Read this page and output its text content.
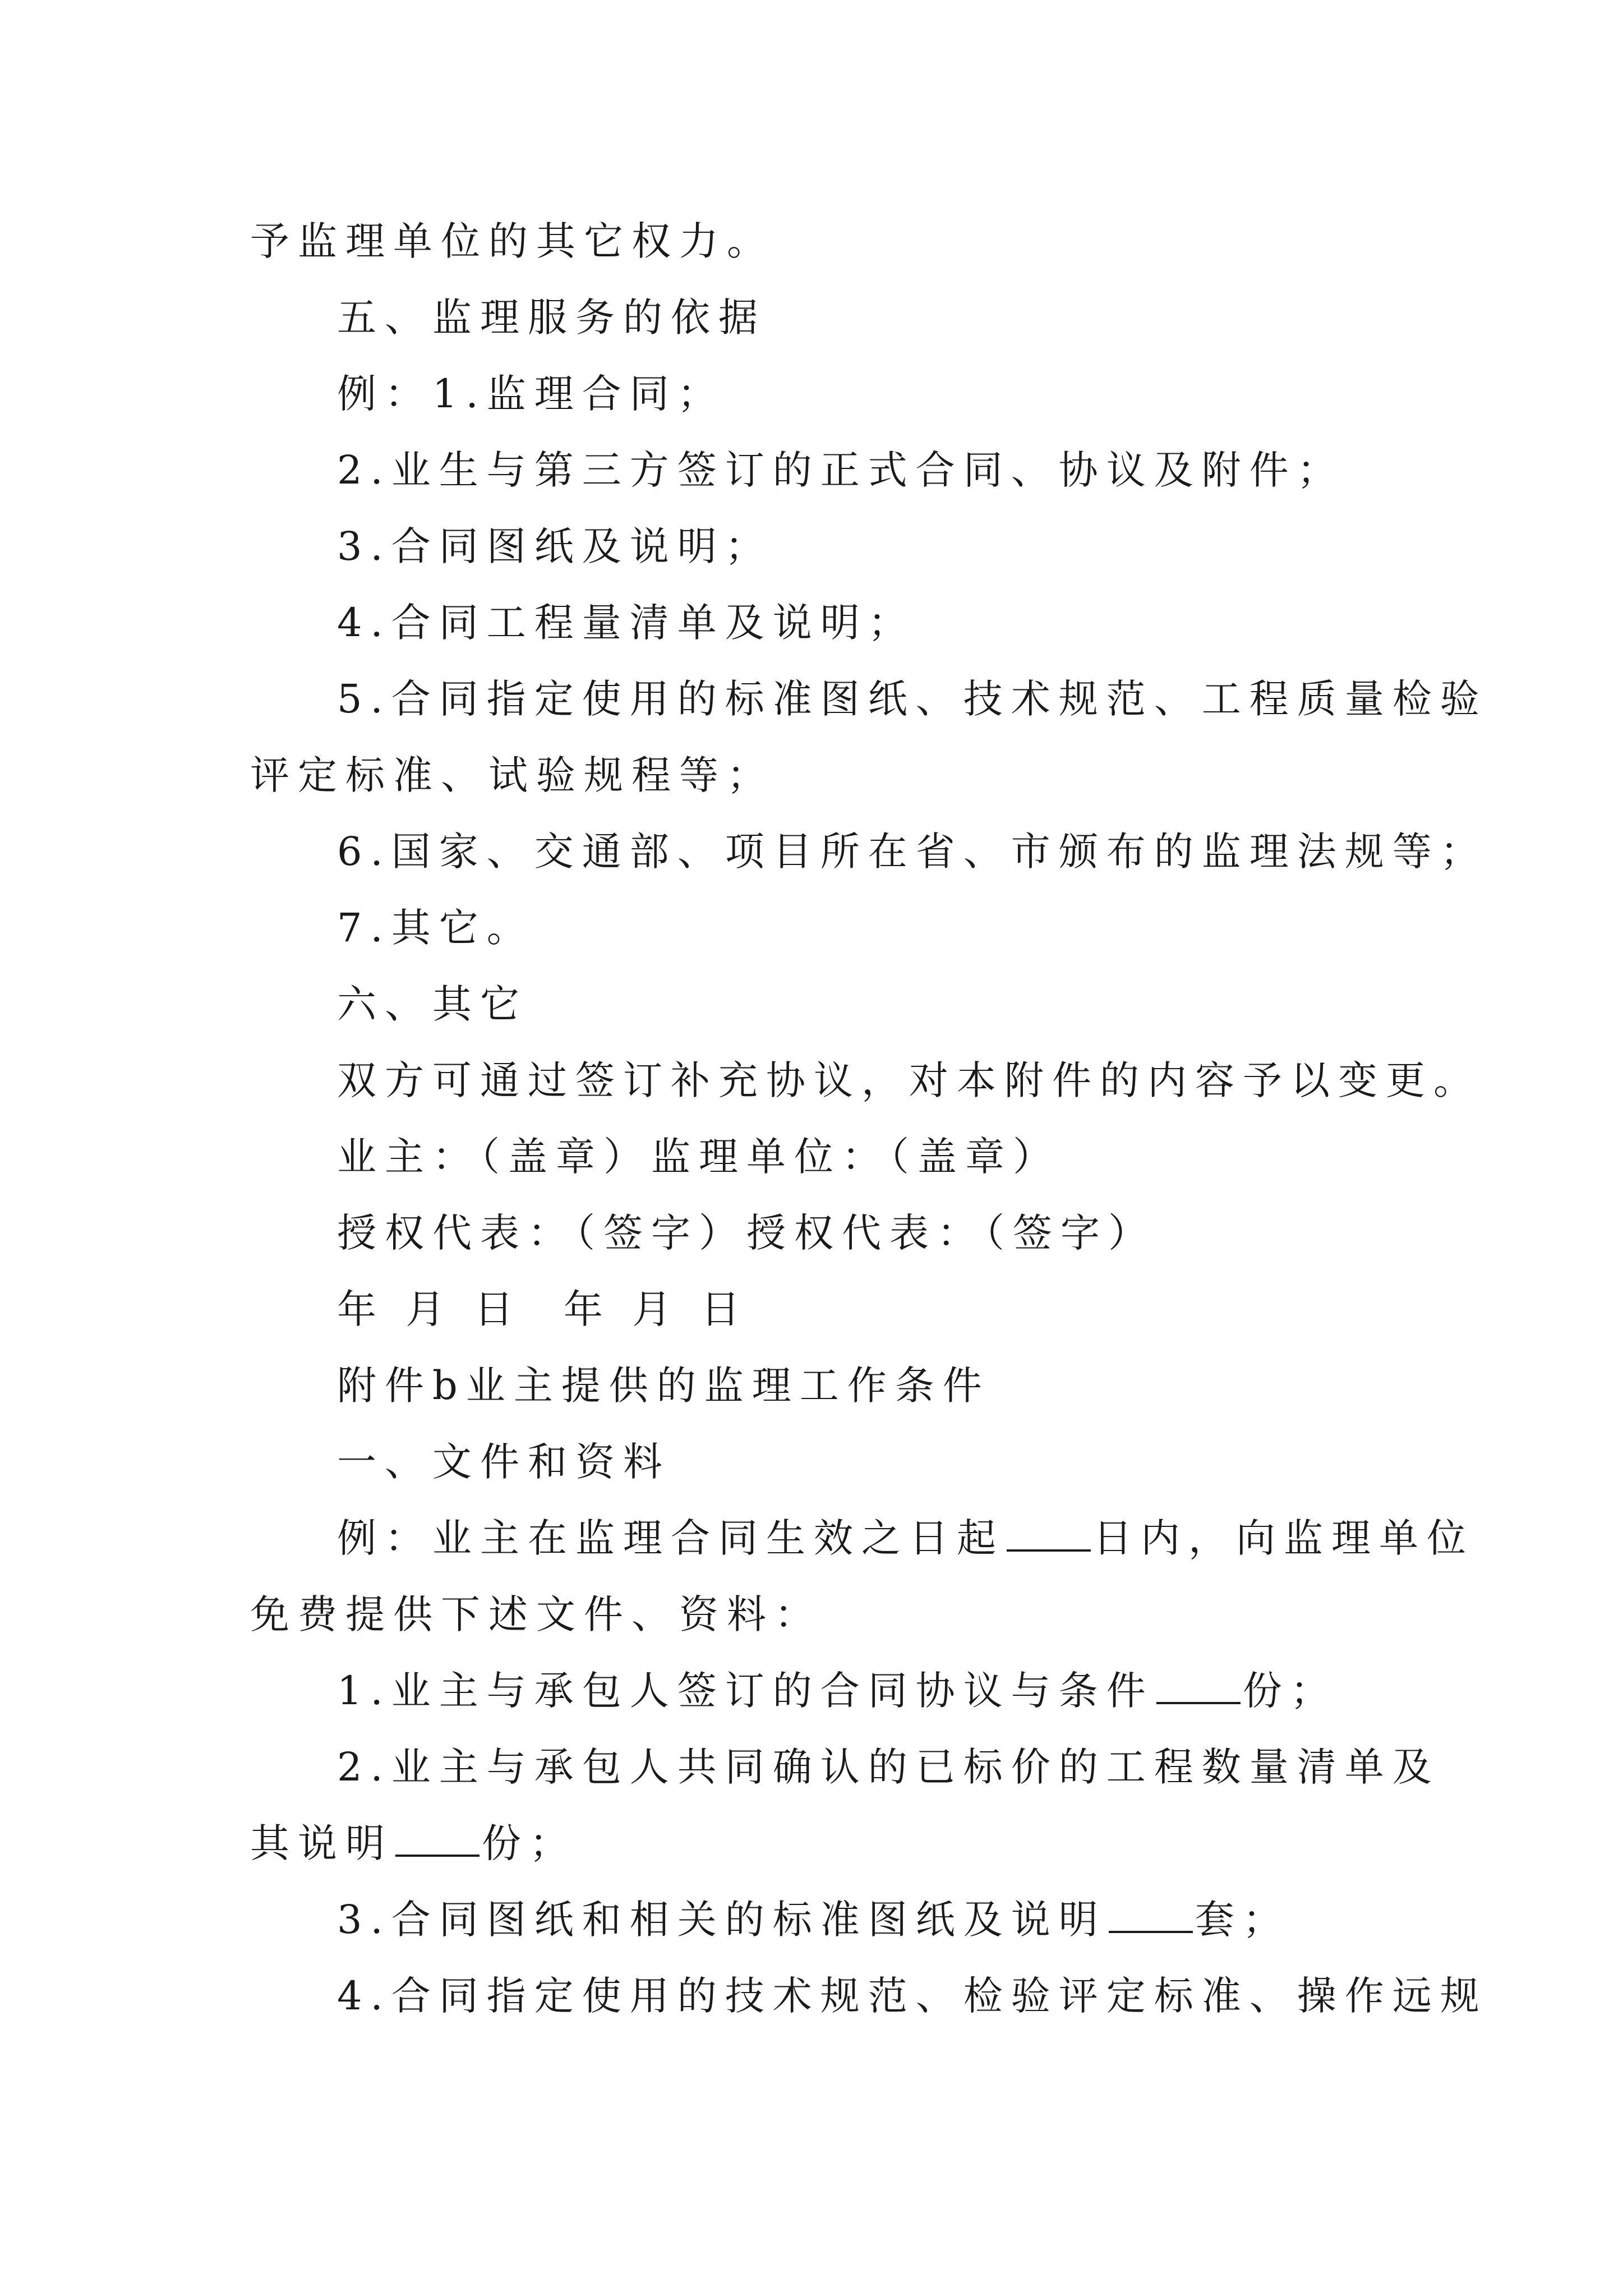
予监理单位的其它权力。
五、监理服务的依据
例：1.监理合同；
2.业生与第三方签订的正式合同、协议及附件；
3.合同图纸及说明；
4.合同工程量清单及说明；
5.合同指定使用的标准图纸、技术规范、工程质量检验
评定标准、试验规程等；
6.国家、交通部、项目所在省、市颁布的监理法规等；
7.其它。
六、其它
双方可通过签订补充协议，对本附件的内容予以变更。
业主：（盖章）监理单位：（盖章）
授权代表：（签字）授权代表：（签字）
年 月 日  年 月 日
附件b业主提供的监理工作条件
一、文件和资料
例：业主在监理合同生效之日起 日内，向监理单位
免费提供下述文件、资料：
1.业主与承包人签订的合同协议与条件 份；
2.业主与承包人共同确认的已标价的工程数量清单及
其说明 份；
3.合同图纸和相关的标准图纸及说明 套；
4.合同指定使用的技术规范、检验评定标准、操作远规
